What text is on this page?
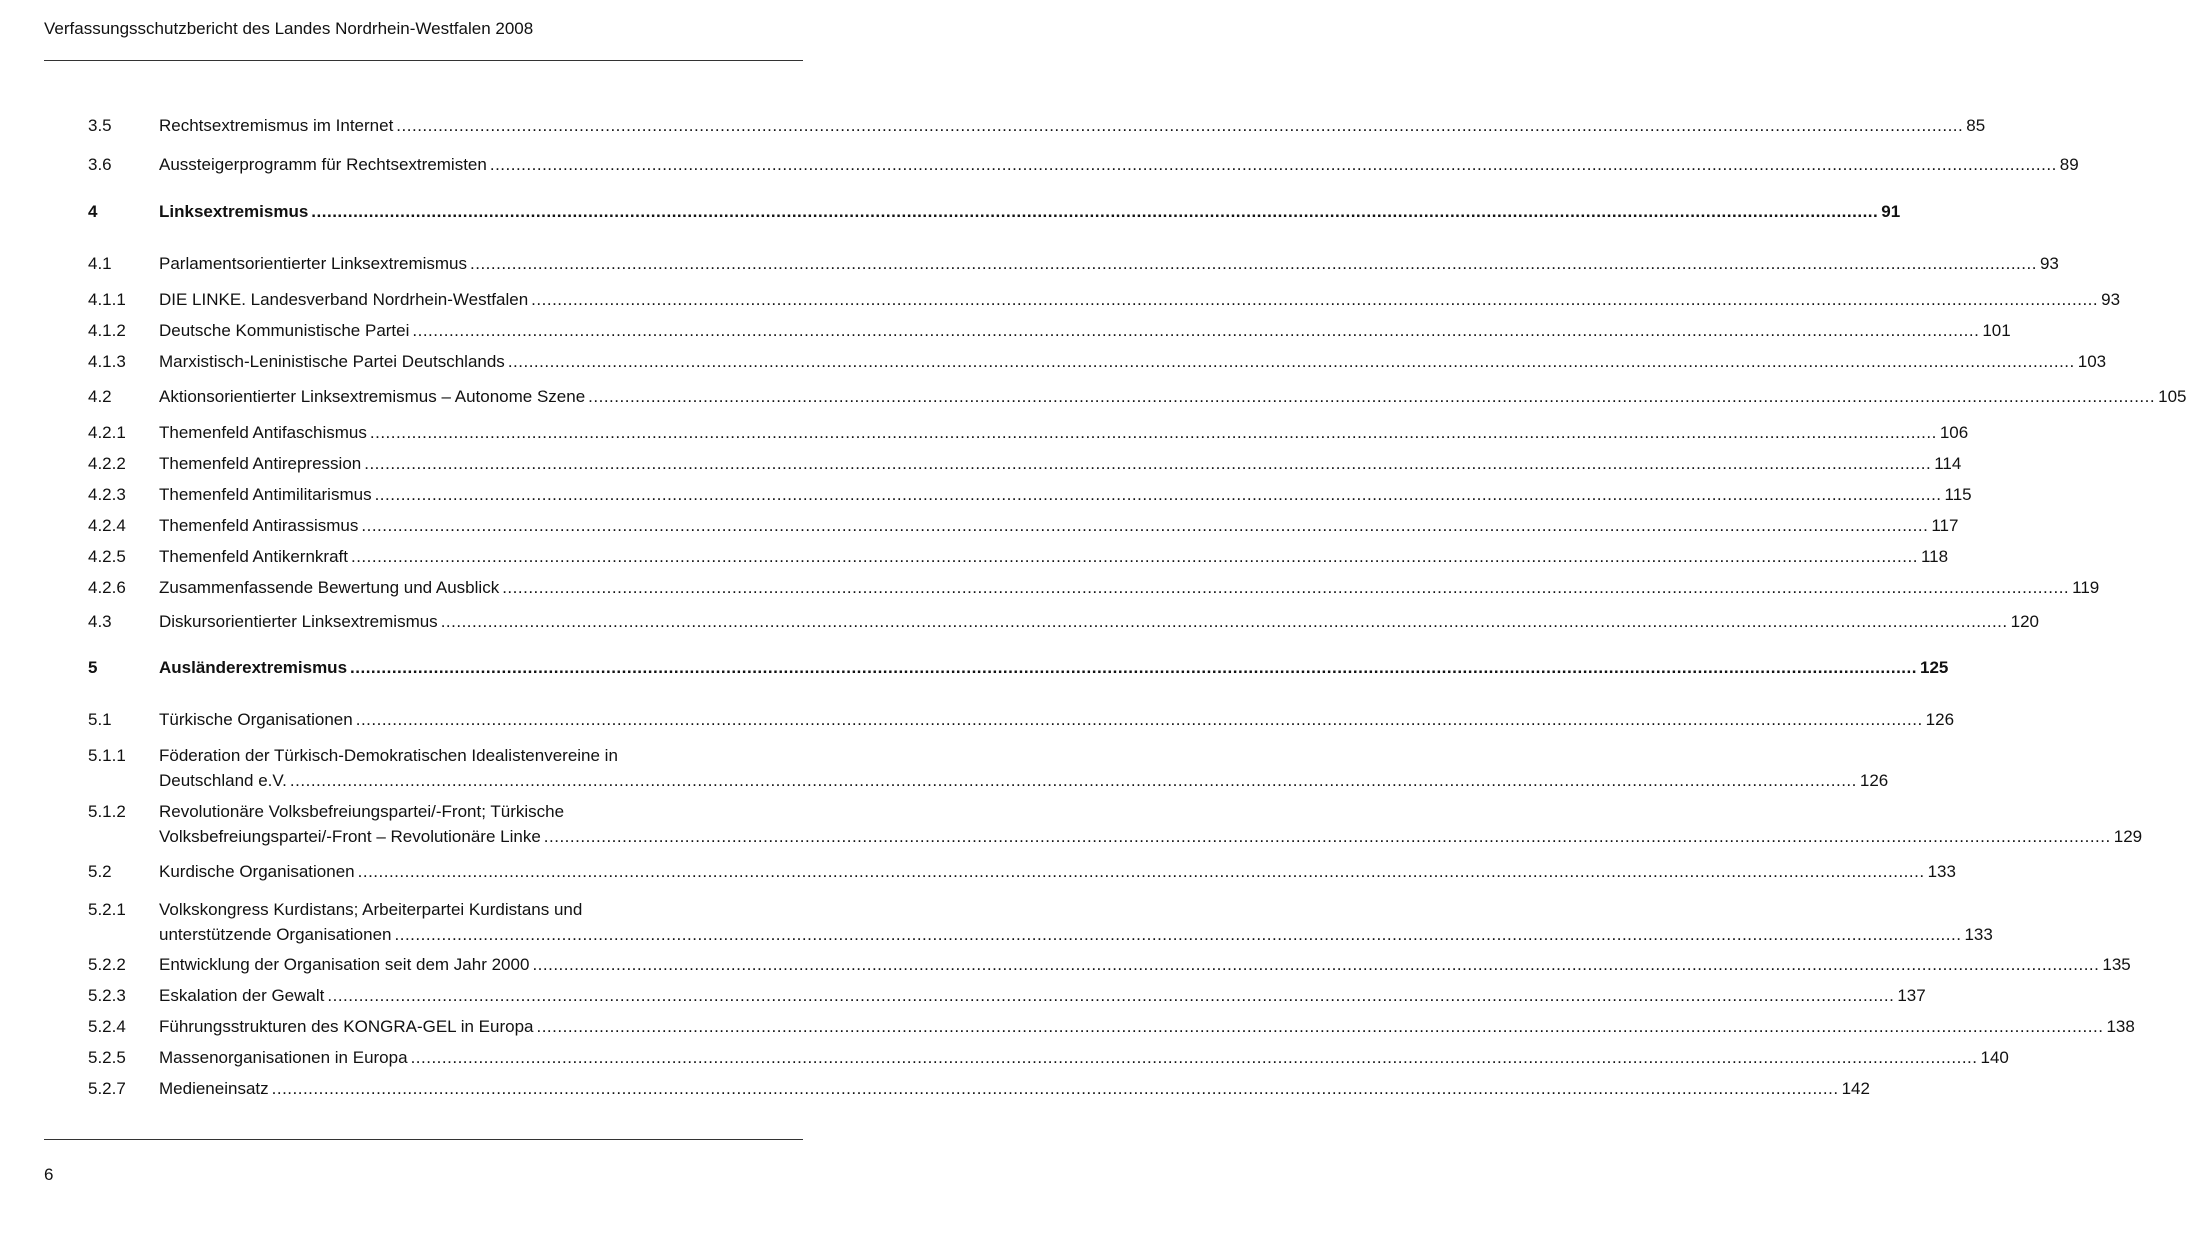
Verfassungsschutzbericht des Landes Nordrhein-Westfalen 2008
3.5	Rechtsextremismus im Internet ............................................................................................................................................................................................................................................................................................................ 85
3.6	Aussteigerprogramm für Rechtsextremisten ............................................................................................................................................................................................................................................................................................................ 89
4	Linksextremismus ............................................................................................................................................................................................................................................................................................................ 91
4.1	Parlamentsorientierter Linksextremismus ............................................................................................................................................................................................................................................................................................................ 93
4.1.1 DIE LINKE. Landesverband Nordrhein-Westfalen ............................................................................................................................................................................................................................................................................................................ 93
4.1.2 Deutsche Kommunistische Partei ............................................................................................................................................................................................................................................................................................................ 101
4.1.3 Marxistisch-Leninistische Partei Deutschlands ............................................................................................................................................................................................................................................................................................................ 103
4.2	Aktionsorientierter Linksextremismus – Autonome Szene ............................................................................................................................................................................................................................................................................................................ 105
4.2.1 Themenfeld Antifaschismus ............................................................................................................................................................................................................................................................................................................ 106
4.2.2 Themenfeld Antirepression ............................................................................................................................................................................................................................................................................................................ 114
4.2.3 Themenfeld Antimilitarismus ............................................................................................................................................................................................................................................................................................................ 115
4.2.4 Themenfeld Antirassismus ............................................................................................................................................................................................................................................................................................................ 117
4.2.5 Themenfeld Antikernkraft ............................................................................................................................................................................................................................................................................................................ 118
4.2.6 Zusammenfassende Bewertung und Ausblick ............................................................................................................................................................................................................................................................................................................ 119
4.3	Diskursorientierter Linksextremismus ............................................................................................................................................................................................................................................................................................................ 120
5	Ausländerextremismus ............................................................................................................................................................................................................................................................................................................ 125
5.1	Türkische Organisationen ............................................................................................................................................................................................................................................................................................................ 126
5.1.1 Föderation der Türkisch-Demokratischen Idealistenvereine in
Deutschland e.V. ............................................................................................................................................................................................................................................................................................................ 126
5.1.2 Revolutionäre Volksbefreiungspartei/-Front; Türkische
Volksbefreiungspartei/-Front – Revolutionäre Linke ............................................................................................................................................................................................................................................................................................................ 129
5.2	Kurdische Organisationen ............................................................................................................................................................................................................................................................................................................ 133
5.2.1 Volkskongress Kurdistans; Arbeiterpartei Kurdistans und
unterstützende Organisationen ............................................................................................................................................................................................................................................................................................................ 133
5.2.2 Entwicklung der Organisation seit dem Jahr 2000 ............................................................................................................................................................................................................................................................................................................ 135
5.2.3 Eskalation der Gewalt ............................................................................................................................................................................................................................................................................................................ 137
5.2.4 Führungsstrukturen des KONGRA-GEL in Europa ............................................................................................................................................................................................................................................................................................................ 138
5.2.5 Massenorganisationen in Europa ............................................................................................................................................................................................................................................................................................................ 140
5.2.7 Medieneinsatz ............................................................................................................................................................................................................................................................................................................ 142
6
